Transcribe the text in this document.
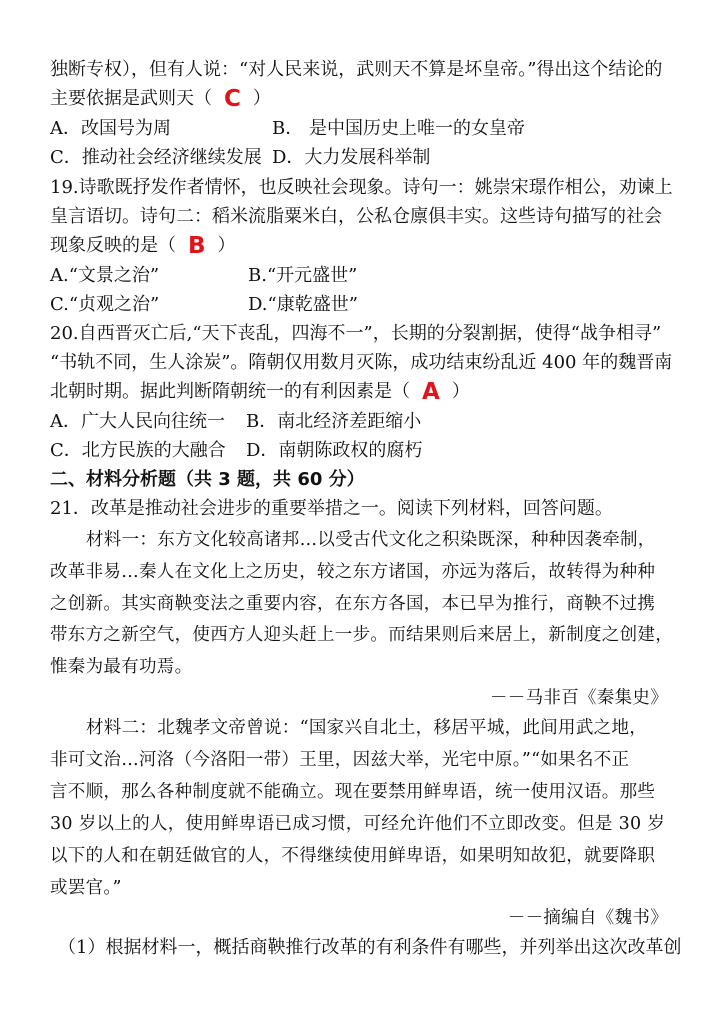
独断专权），但有人说：“对人民来说，武则天不算是坏皇帝。”得出这个结论的
主要依据是武则天（ C ）
A．改国号为周	B． 是中国历史上唯一的女皇帝
C．推动社会经济继续发展 D．大力发展科举制
19.诗歌既抒发作者情怀，也反映社会现象。诗句一：姚崇宋璟作相公，劝谏上
皇言语切。诗句二：稻米流脂粟米白，公私仓廪俱丰实。这些诗句描写的社会
现象反映的是（ B ）
A.“文景之治”	B.“开元盛世”
C.“贞观之治”	D.“康乾盛世”
20.自西晋灭亡后,“天下丧乱，四海不一”，长期的分裂割据，使得“战争相寻”
“书轨不同，生人涂炭”。隋朝仅用数月灭陈，成功结束纷乱近 400 年的魏晋南
北朝时期。据此判断隋朝统一的有利因素是（ A ）
A．广大人民向往统一 B．南北经济差距缩小
C．北方民族的大融合 D．南朝陈政权的腐朽
二、材料分析题（共 3 题，共 60 分）
21．改革是推动社会进步的重要举措之一。阅读下列材料，回答问题。
材料一：东方文化较高诸邦…以受古代文化之积染既深，种种因袭牵制，
改革非易…秦人在文化上之历史，较之东方诸国，亦远为落后，故转得为种种
之创新。其实商鞅变法之重要内容，在东方各国，本已早为推行，商鞅不过携
带东方之新空气，使西方人迎头赶上一步。而结果则后来居上，新制度之创建，
惟秦为最有功焉。
－－马非百《秦集史》
材料二：北魏孝文帝曾说：“国家兴自北土，移居平城，此间用武之地，
非可文治…河洛（今洛阳一带）王里，因兹大举，光宅中原。”“如果名不正
言不顺，那么各种制度就不能确立。现在要禁用鲜卑语，统一使用汉语。那些
30 岁以上的人，使用鲜卑语已成习惯，可经允许他们不立即改变。但是 30 岁
以下的人和在朝廷做官的人，不得继续使用鲜卑语，如果明知故犯，就要降职
或罢官。”
－－摘编自《魏书》
（1）根据材料一，概括商鞅推行改革的有利条件有哪些，并列举出这次改革创
